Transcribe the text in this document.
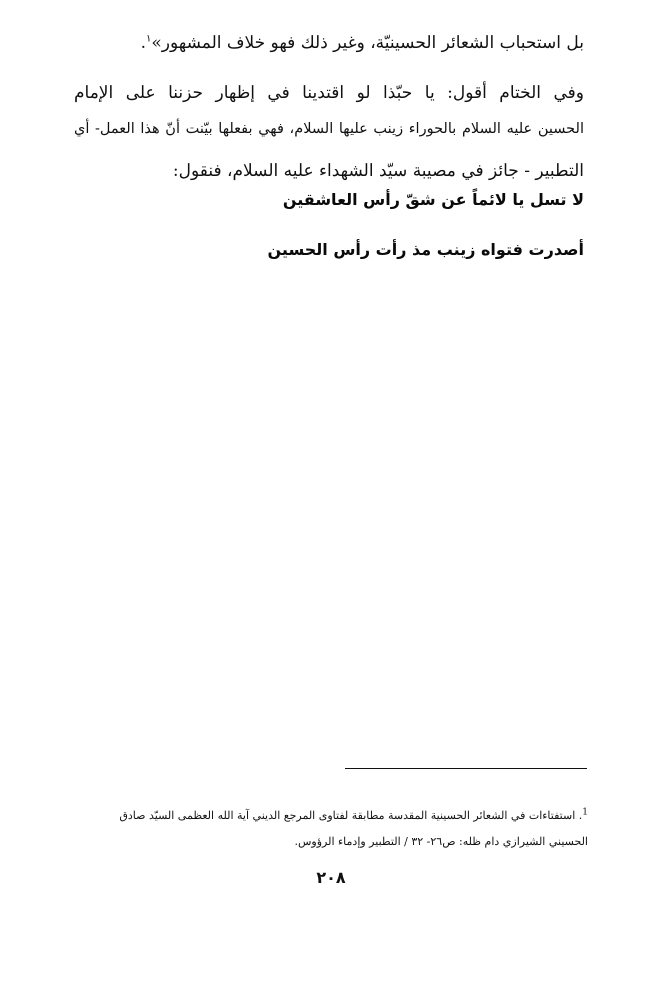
بل استحباب الشعائر الحسينيّة، وغير ذلك فهو خلاف المشهور»$^١$.
وفي الختام أقول: يا حبّذا لو اقتدينا في إظهار حزننا على الإمام
الحسين عليه السلام بالحوراء زينب عليها السلام، فهي بفعلها بيّنت أنّ هذا العمل- أي
التطبير - جائز في مصيبة سيّد الشهداء عليه السلام، فنقول:
لا تسل يا لائماً عن شقّ رأس العاشقين
أصدرت فتواه زينب مذ رأت رأس الحسين
$^1$. استفتاءات في الشعائر الحسينية المقدسة مطابقة لفتاوى المرجع الديني آية الله العظمى السيّد صادق
الحسيني الشيرازي دام ظله: ص٢٦- ٣٢ / التطبير وإدماء الرؤوس.
٢٠٨
